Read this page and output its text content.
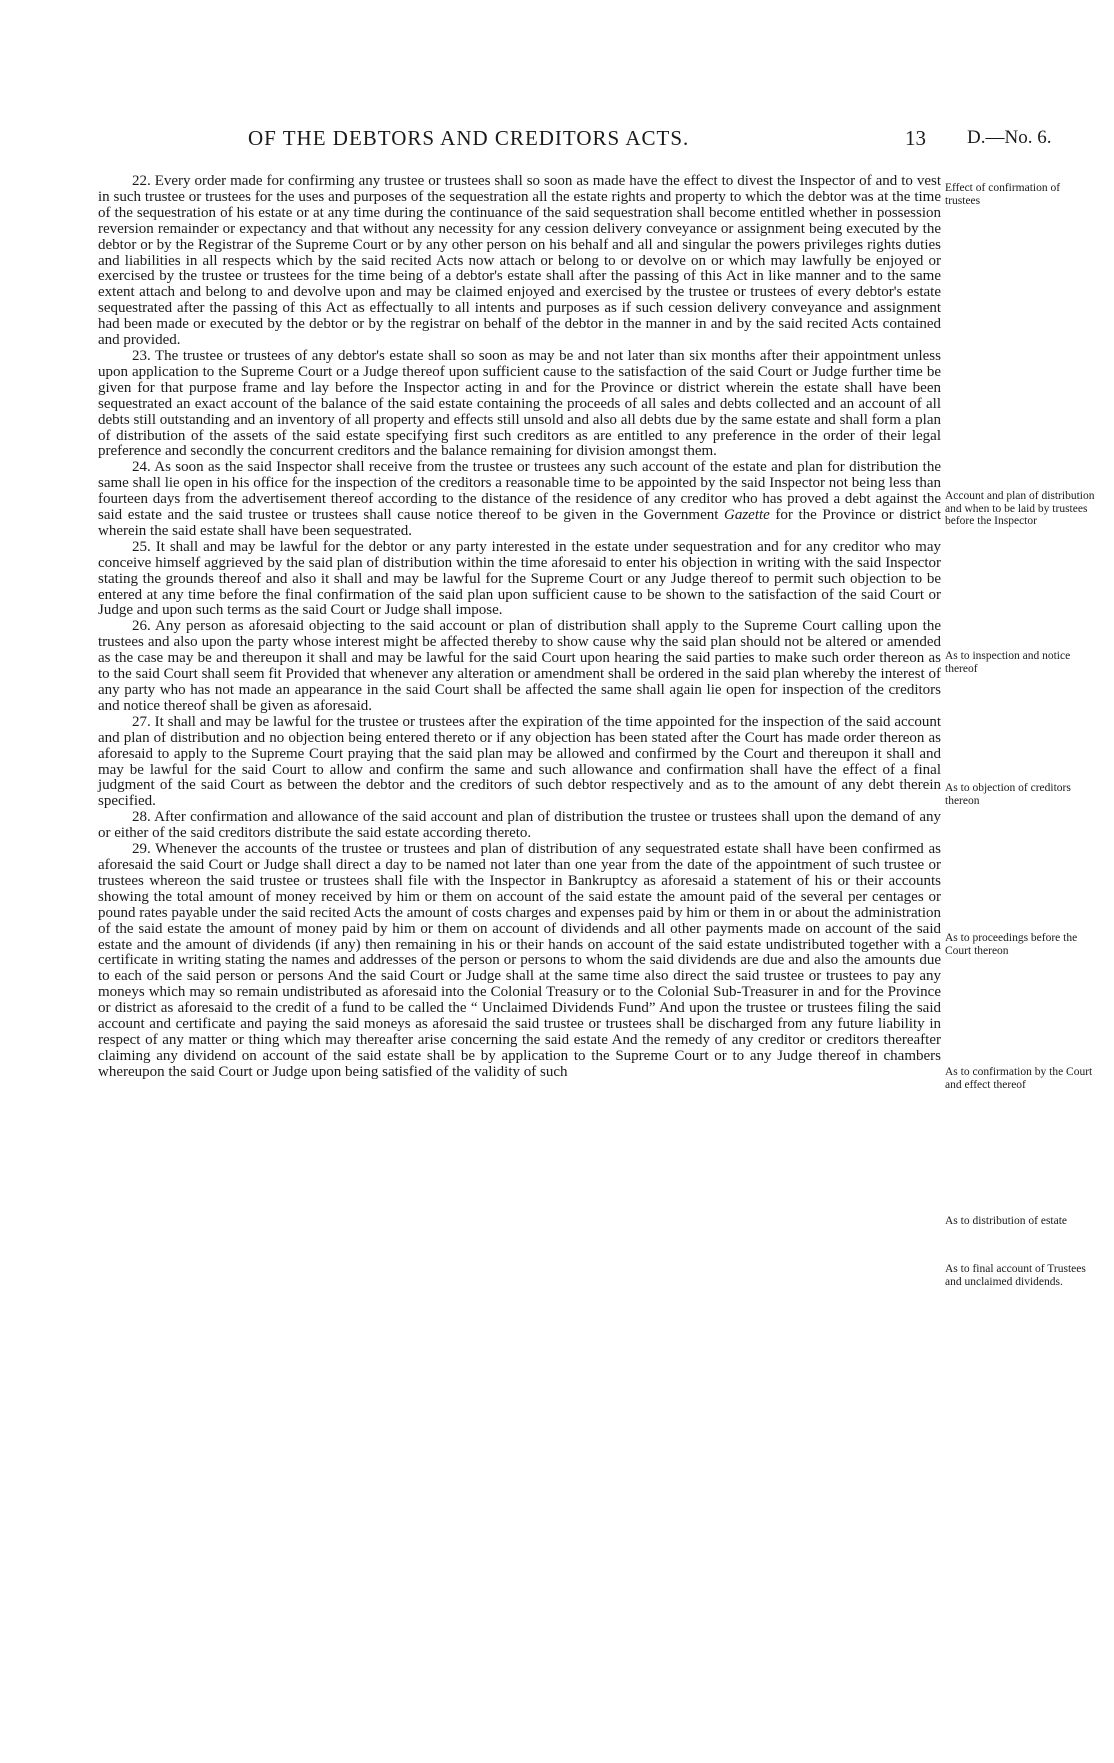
OF THE DEBTORS AND CREDITORS ACTS.	13 D.—No. 6.

22. Every order made for confirming any trustee or trustees shall so soon as made have the effect to divest the Inspector of and to vest in such trustee or trustees for the uses and purposes of the sequestration all the estate rights and property to which the debtor was at the time of the sequestration of his estate or at any time during the continuance of the said sequestration shall become entitled whether in possession reversion remainder or expectancy and that without any necessity for any cession delivery conveyance or assignment being executed by the debtor or by the Registrar of the Supreme Court or by any other person on his behalf and all and singular the powers privileges rights duties and liabilities in all respects which by the said recited Acts now attach or belong to or devolve on or which may lawfully be enjoyed or exercised by the trustee or trustees for the time being of a debtor's estate shall after the passing of this Act in like manner and to the same extent attach and belong to and devolve upon and may be claimed enjoyed and exercised by the trustee or trustees of every debtor's estate sequestrated after the passing of this Act as effectually to all intents and purposes as if such cession delivery conveyance and assignment had been made or executed by the debtor or by the registrar on behalf of the debtor in the manner in and by the said recited Acts contained and provided.

23. The trustee or trustees of any debtor's estate shall so soon as may be and not later than six months after their appointment unless upon application to the Supreme Court or a Judge thereof upon sufficient cause to the satisfaction of the said Court or Judge further time be given for that purpose frame and lay before the Inspector acting in and for the Province or district wherein the estate shall have been sequestrated an exact account of the balance of the said estate containing the proceeds of all sales and debts collected and an account of all debts still outstanding and an inventory of all property and effects still unsold and also all debts due by the same estate and shall form a plan of distribution of the assets of the said estate specifying first such creditors as are entitled to any preference in the order of their legal preference and secondly the concurrent creditors and the balance remaining for division amongst them.

24. As soon as the said Inspector shall receive from the trustee or trustees any such account of the estate and plan for distribution the same shall lie open in his office for the inspection of the creditors a reasonable time to be appointed by the said Inspector not being less than fourteen days from the advertisement thereof according to the distance of the residence of any creditor who has proved a debt against the said estate and the said trustee or trustees shall cause notice thereof to be given in the Government Gazette for the Province or district wherein the said estate shall have been sequestrated.

25. It shall and may be lawful for the debtor or any party interested in the estate under sequestration and for any creditor who may conceive himself aggrieved by the said plan of distribution within the time aforesaid to enter his objection in writing with the said Inspector stating the grounds thereof and also it shall and may be lawful for the Supreme Court or any Judge thereof to permit such objection to be entered at any time before the final confirmation of the said plan upon sufficient cause to be shown to the satisfaction of the said Court or Judge and upon such terms as the said Court or Judge shall impose.

26. Any person as aforesaid objecting to the said account or plan of distribution shall apply to the Supreme Court calling upon the trustees and also upon the party whose interest might be affected thereby to show cause why the said plan should not be altered or amended as the case may be and thereupon it shall and may be lawful for the said Court upon hearing the said parties to make such order thereon as to the said Court shall seem fit Provided that whenever any alteration or amendment shall be ordered in the said plan whereby the interest of any party who has not made an appearance in the said Court shall be affected the same shall again lie open for inspection of the creditors and notice thereof shall be given as aforesaid.

27. It shall and may be lawful for the trustee or trustees after the expiration of the time appointed for the inspection of the said account and plan of distribution and no objection being entered thereto or if any objection has been stated after the Court has made order thereon as aforesaid to apply to the Supreme Court praying that the said plan may be allowed and confirmed by the Court and thereupon it shall and may be lawful for the said Court to allow and confirm the same and such allowance and confirmation shall have the effect of a final judgment of the said Court as between the debtor and the creditors of such debtor respectively and as to the amount of any debt therein specified.

28. After confirmation and allowance of the said account and plan of distribution the trustee or trustees shall upon the demand of any or either of the said creditors distribute the said estate according thereto.

29. Whenever the accounts of the trustee or trustees and plan of distribution of any sequestrated estate shall have been confirmed as aforesaid the said Court or Judge shall direct a day to be named not later than one year from the date of the appointment of such trustee or trustees whereon the said trustee or trustees shall file with the Inspector in Bankruptcy as aforesaid a statement of his or their accounts showing the total amount of money received by him or them on account of the said estate the amount paid of the several per centages or pound rates payable under the said recited Acts the amount of costs charges and expenses paid by him or them in or about the administration of the said estate the amount of money paid by him or them on account of dividends and all other payments made on account of the said estate and the amount of dividends (if any) then remaining in his or their hands on account of the said estate undistributed together with a certificate in writing stating the names and addresses of the person or persons to whom the said dividends are due and also the amounts due to each of the said person or persons And the said Court or Judge shall at the same time also direct the said trustee or trustees to pay any moneys which may so remain undistributed as aforesaid into the Colonial Treasury or to the Colonial Sub-Treasurer in and for the Province or district as aforesaid to the credit of a fund to be called the “ Unclaimed Dividends Fund” And upon the trustee or trustees filing the said account and certificate and paying the said moneys as aforesaid the said trustee or trustees shall be discharged from any future liability in respect of any matter or thing which may thereafter arise concerning the said estate And the remedy of any creditor or creditors thereafter claiming any dividend on account of the said estate shall be by application to the Supreme Court or to any Judge thereof in chambers whereupon the said Court or Judge upon being satisfied of the validity of such

Effect of confirmation of trustees
Account and plan of distribution and when to be laid by trustees before the Inspector
As to inspection and notice thereof
As to objection of creditors thereon
As to proceedings before the Court thereon
As to confirmation by the Court and effect thereof
As to distribution of estate
As to final account of Trustees and unclaimed dividends.
